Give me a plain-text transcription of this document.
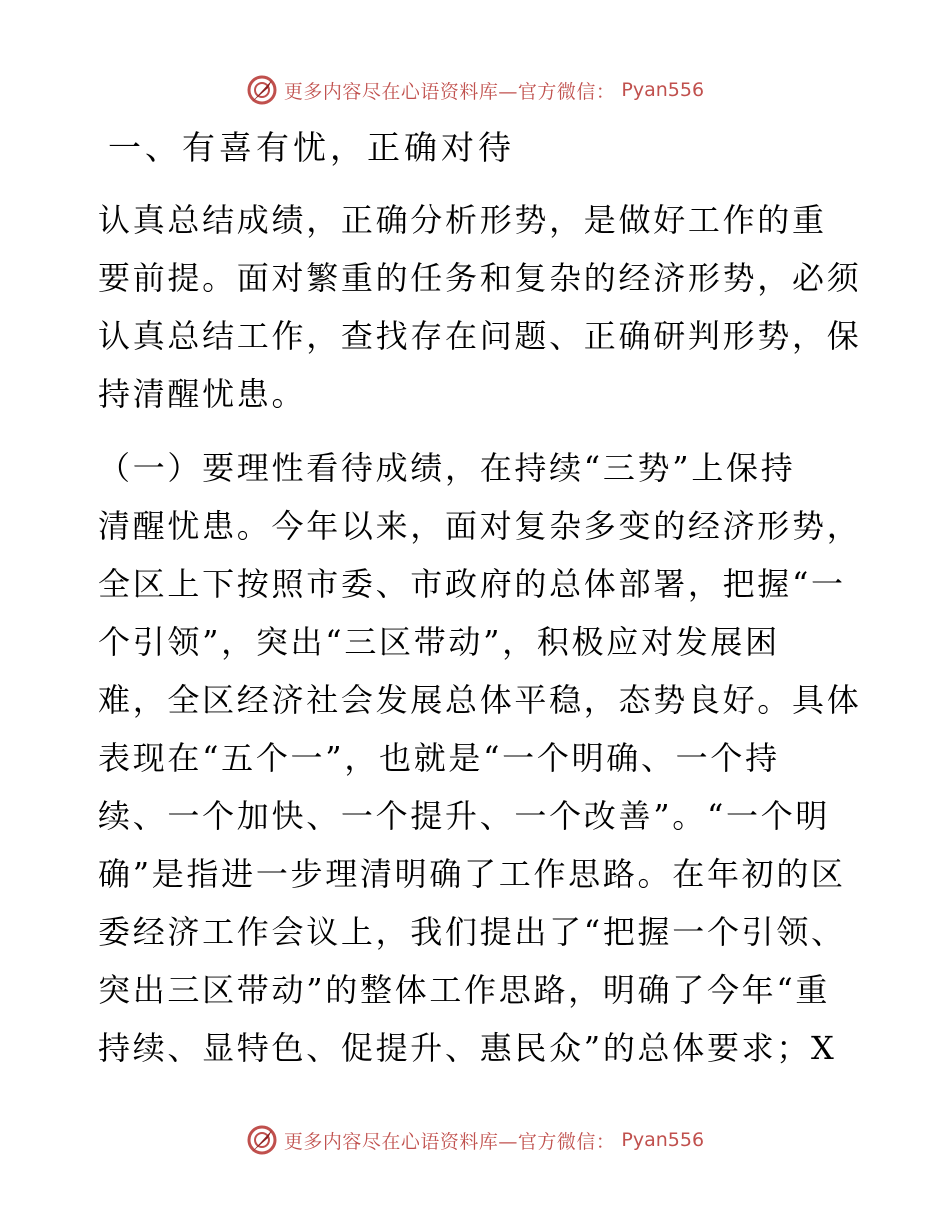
更多内容尽在心语资料库—官方微信： Pyan556
一、有喜有忧，正确对待
认真总结成绩，正确分析形势，是做好工作的重
要前提。面对繁重的任务和复杂的经济形势，必须
认真总结工作，查找存在问题、正确研判形势，保
持清醒忧患。
（一）要理性看待成绩，在持续“三势”上保持
清醒忧患。今年以来，面对复杂多变的经济形势，
全区上下按照市委、市政府的总体部署，把握“一
个引领”，突出“三区带动”，积极应对发展困
难，全区经济社会发展总体平稳，态势良好。具体
表现在“五个一”，也就是“一个明确、一个持
续、一个加快、一个提升、一个改善”。“一个明
确”是指进一步理清明确了工作思路。在年初的区
委经济工作会议上，我们提出了“把握一个引领、
突出三区带动”的整体工作思路，明确了今年“重
持续、显特色、促提升、惠民众”的总体要求；X
更多内容尽在心语资料库—官方微信： Pyan556
